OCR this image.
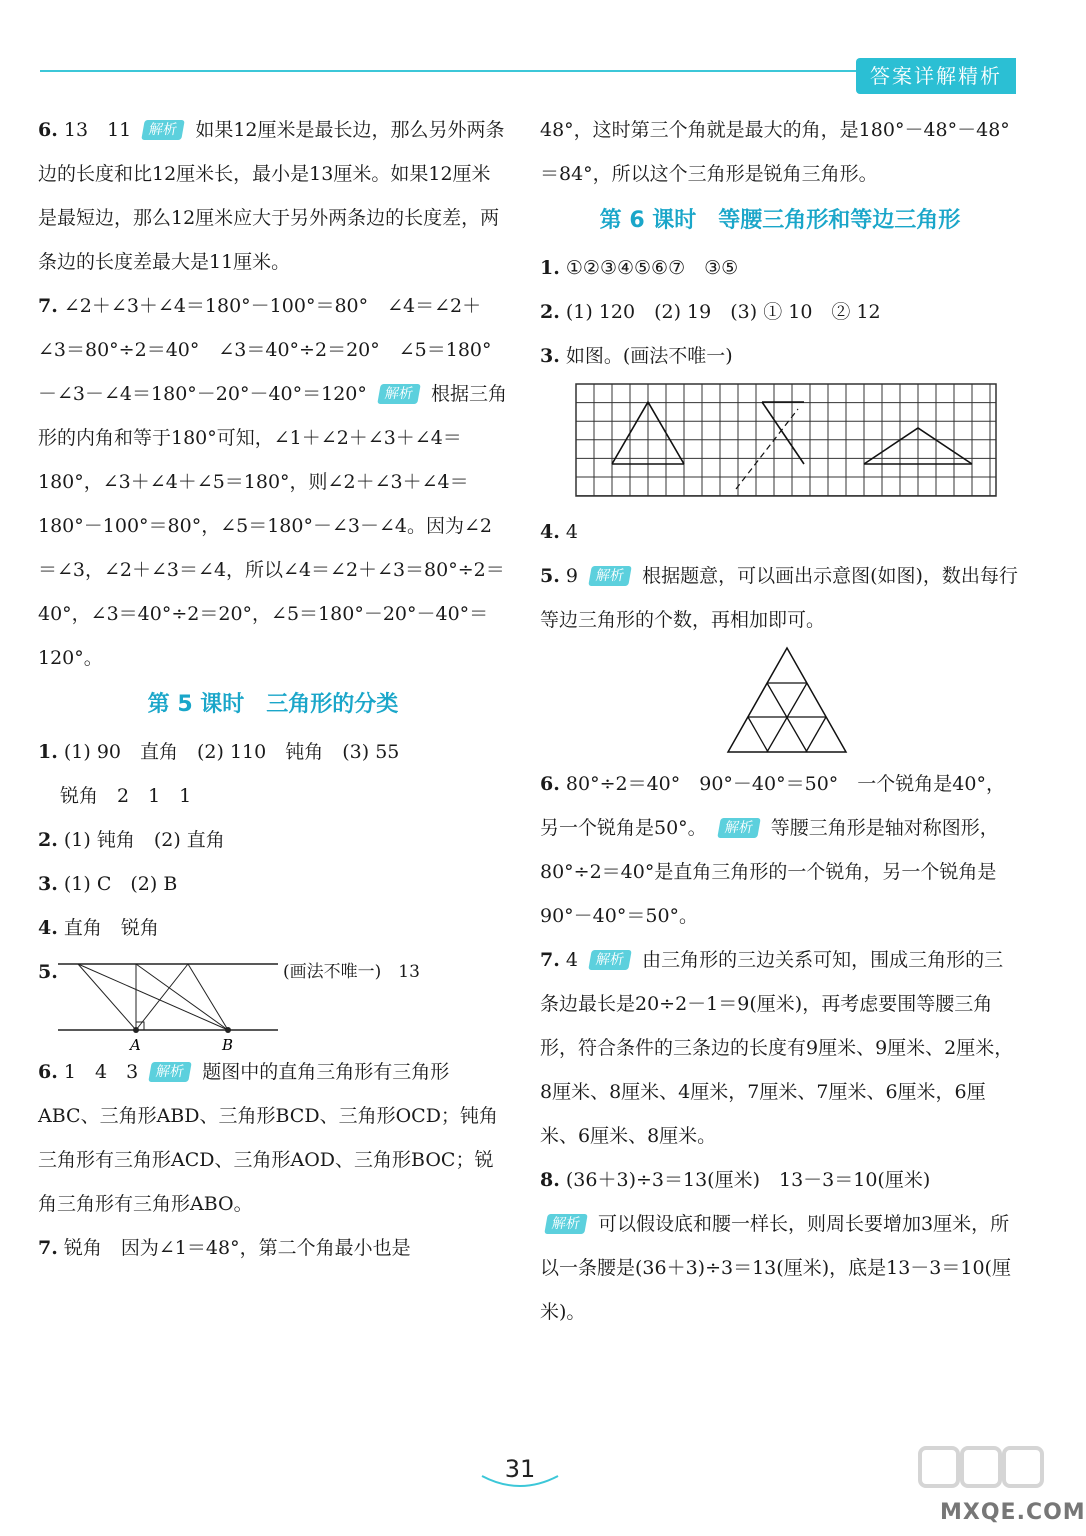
答案详解精析
6. 13　11 解析 如果12厘米是最长边，那么另外两条边的长度和比12厘米长，最小是13厘米。如果12厘米是最短边，那么12厘米应大于另外两条边的长度差，两条边的长度差最大是11厘米。
7. ∠2＋∠3＋∠4＝180°－100°＝80°　∠4＝∠2＋∠3＝80°÷2＝40°　∠3＝40°÷2＝20°　∠5＝180°－∠3－∠4＝180°－20°－40°＝120° 解析 根据三角形的内角和等于180°可知，∠1＋∠2＋∠3＋∠4＝180°，∠3＋∠4＋∠5＝180°，则∠2＋∠3＋∠4＝180°－100°＝80°，∠5＝180°－∠3－∠4。因为∠2＝∠3，∠2＋∠3＝∠4，所以∠4＝∠2＋∠3＝80°÷2＝40°，∠3＝40°÷2＝20°，∠5＝180°－20°－40°＝120°。
第 5 课时　三角形的分类
1. (1) 90　直角　(2) 110　钝角　(3) 55
锐角　2　1　1
2. (1) 钝角　(2) 直角
3. (1) C　(2) B
4. 直角　锐角
5.
A	B
(画法不唯一)　13
6. 1　4　3 解析 题图中的直角三角形有三角形ABC、三角形ABD、三角形BCD、三角形OCD；钝角三角形有三角形ACD、三角形AOD、三角形BOC；锐角三角形有三角形ABO。
7. 锐角　因为∠1＝48°，第二个角最小也是
48°，这时第三个角就是最大的角，是180°－48°－48°＝84°，所以这个三角形是锐角三角形。
第 6 课时　等腰三角形和等边三角形
1. ①②③④⑤⑥⑦　③⑤
2. (1) 120　(2) 19　(3) ① 10　② 12
3. 如图。(画法不唯一)
4. 4
5. 9 解析 根据题意，可以画出示意图(如图)，数出每行等边三角形的个数，再相加即可。
6. 80°÷2＝40°　90°－40°＝50°　一个锐角是40°，另一个锐角是50°。 解析 等腰三角形是轴对称图形，80°÷2＝40°是直角三角形的一个锐角，另一个锐角是90°－40°＝50°。
7. 4 解析 由三角形的三边关系可知，围成三角形的三条边最长是20÷2－1＝9(厘米)，再考虑要围等腰三角形，符合条件的三条边的长度有9厘米、9厘米、2厘米，8厘米、8厘米、4厘米，7厘米、7厘米、6厘米，6厘米、6厘米、8厘米。
8. (36＋3)÷3＝13(厘米)　13－3＝10(厘米)
解析 可以假设底和腰一样长，则周长要增加3厘米，所以一条腰是(36＋3)÷3＝13(厘米)，底是13－3＝10(厘米)。
31
MXQE.COM
